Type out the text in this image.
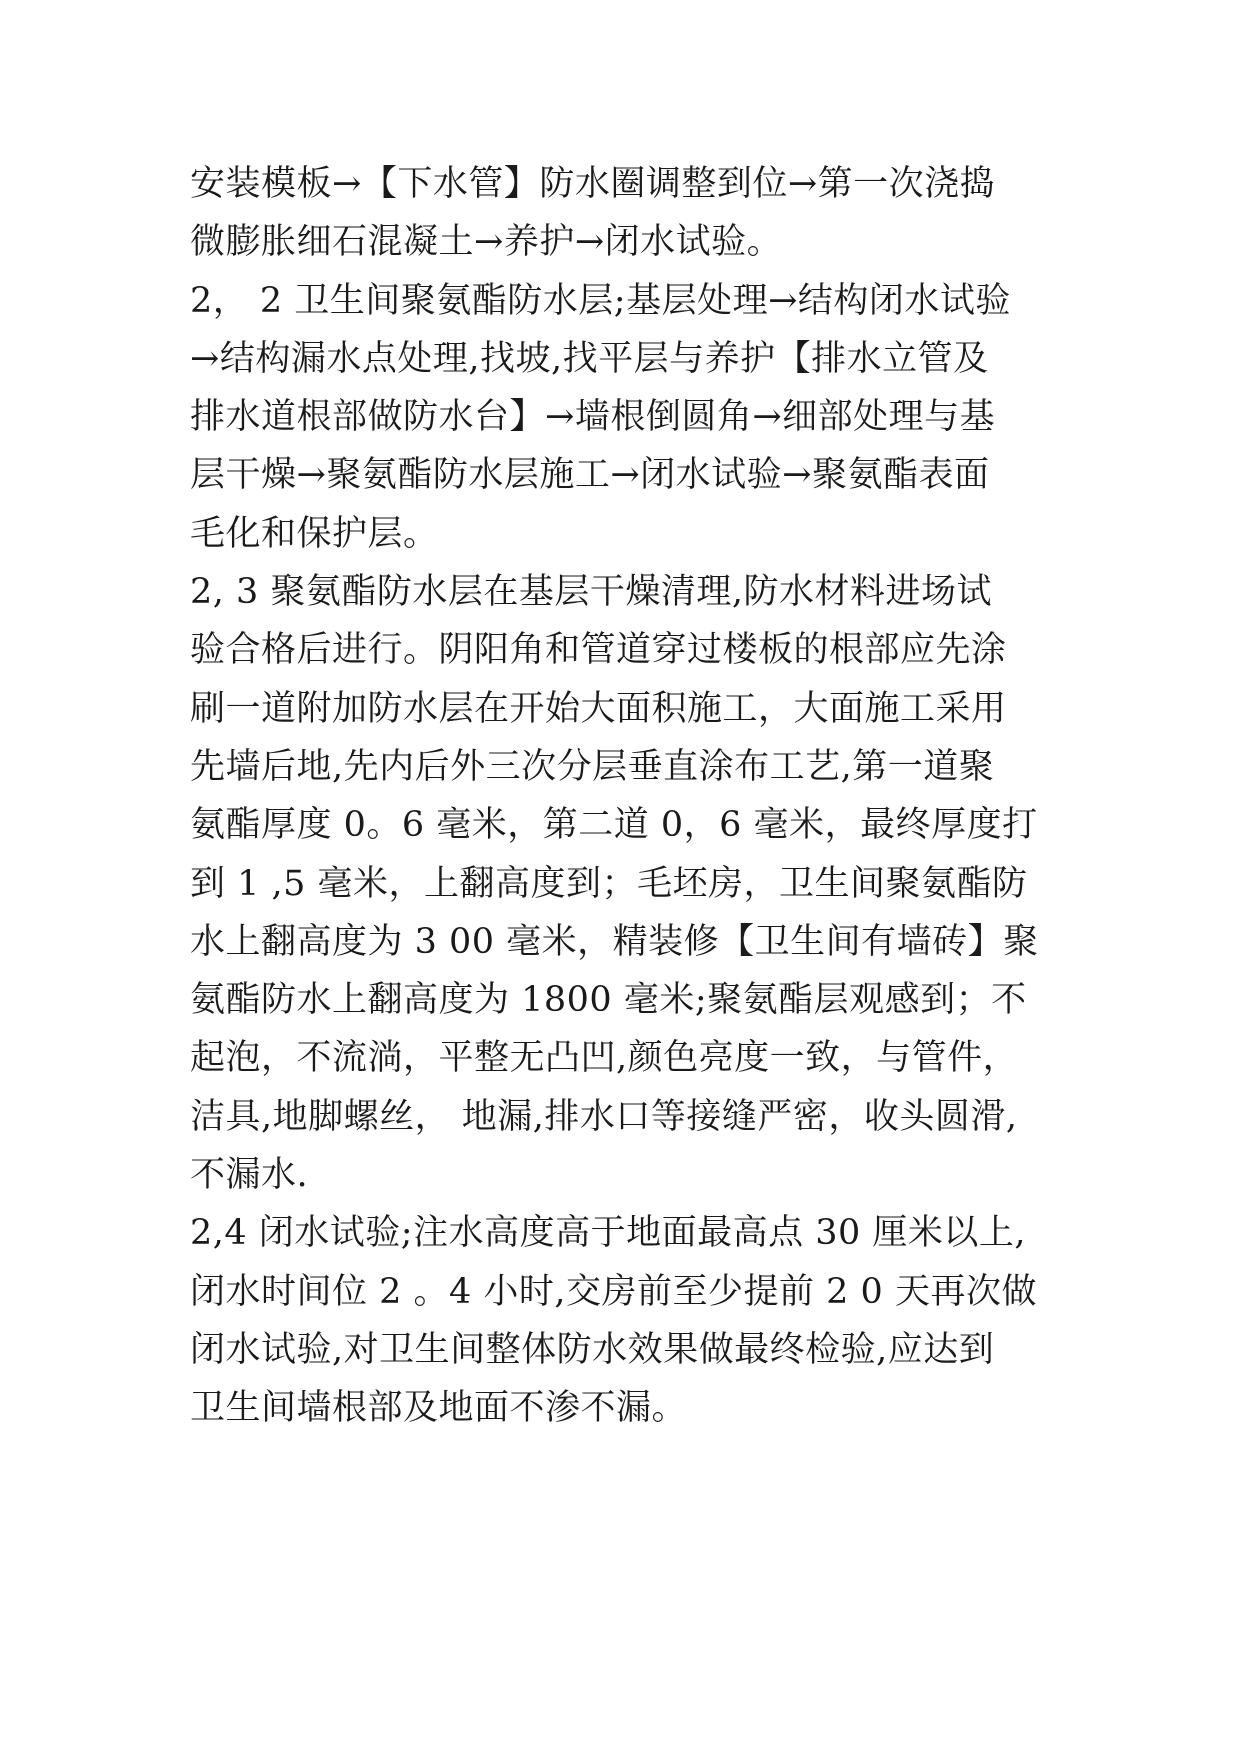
安装模板→【下水管】防水圈调整到位→第一次浇捣
微膨胀细石混凝土→养护→闭水试验。
2， 2 卫生间聚氨酯防水层;基层处理→结构闭水试验
→结构漏水点处理,找坡,找平层与养护【排水立管及
排水道根部做防水台】→墙根倒圆角→细部处理与基
层干燥→聚氨酯防水层施工→闭水试验→聚氨酯表面
毛化和保护层。
2, 3 聚氨酯防水层在基层干燥清理,防水材料进场试
验合格后进行。阴阳角和管道穿过楼板的根部应先涂
刷一道附加防水层在开始大面积施工，大面施工采用
先墙后地,先内后外三次分层垂直涂布工艺,第一道聚
氨酯厚度 0。6 毫米，第二道 0，6 毫米，最终厚度打
到 1 ,5 毫米，上翻高度到；毛坯房，卫生间聚氨酯防
水上翻高度为 3 00 毫米，精装修【卫生间有墙砖】聚
氨酯防水上翻高度为 1800 毫米;聚氨酯层观感到；不
起泡，不流淌，平整无凸凹,颜色亮度一致，与管件，
洁具,地脚螺丝， 地漏,排水口等接缝严密，收头圆滑,
不漏水.
2,4 闭水试验;注水高度高于地面最高点 30 厘米以上,
闭水时间位 2 。4 小时,交房前至少提前 2 0 天再次做
闭水试验,对卫生间整体防水效果做最终检验,应达到
卫生间墙根部及地面不渗不漏。
